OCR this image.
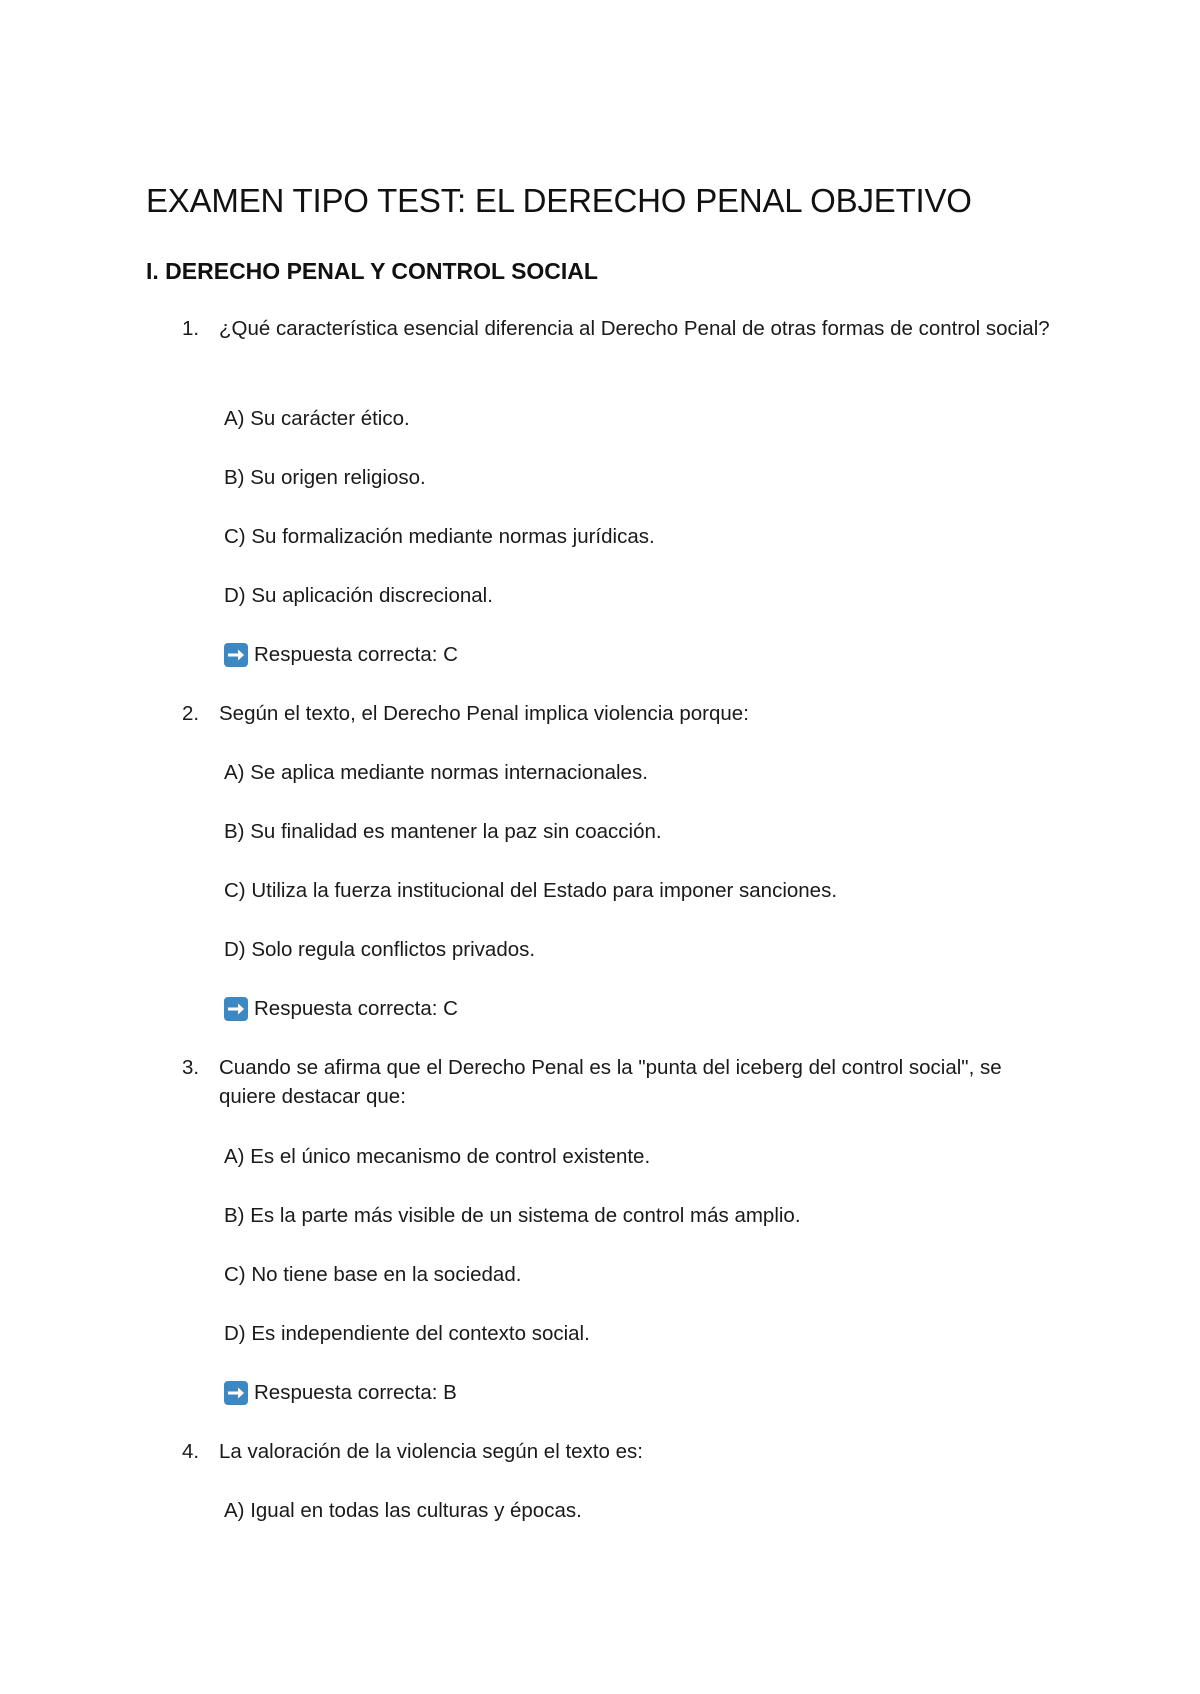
EXAMEN TIPO TEST: EL DERECHO PENAL OBJETIVO
I. DERECHO PENAL Y CONTROL SOCIAL
1. ¿Qué característica esencial diferencia al Derecho Penal de otras formas de control social?
A) Su carácter ético.
B) Su origen religioso.
C) Su formalización mediante normas jurídicas.
D) Su aplicación discrecional.
Respuesta correcta: C
2. Según el texto, el Derecho Penal implica violencia porque:
A) Se aplica mediante normas internacionales.
B) Su finalidad es mantener la paz sin coacción.
C) Utiliza la fuerza institucional del Estado para imponer sanciones.
D) Solo regula conflictos privados.
Respuesta correcta: C
3. Cuando se afirma que el Derecho Penal es la "punta del iceberg del control social", se quiere destacar que:
A) Es el único mecanismo de control existente.
B) Es la parte más visible de un sistema de control más amplio.
C) No tiene base en la sociedad.
D) Es independiente del contexto social.
Respuesta correcta: B
4. La valoración de la violencia según el texto es:
A) Igual en todas las culturas y épocas.
